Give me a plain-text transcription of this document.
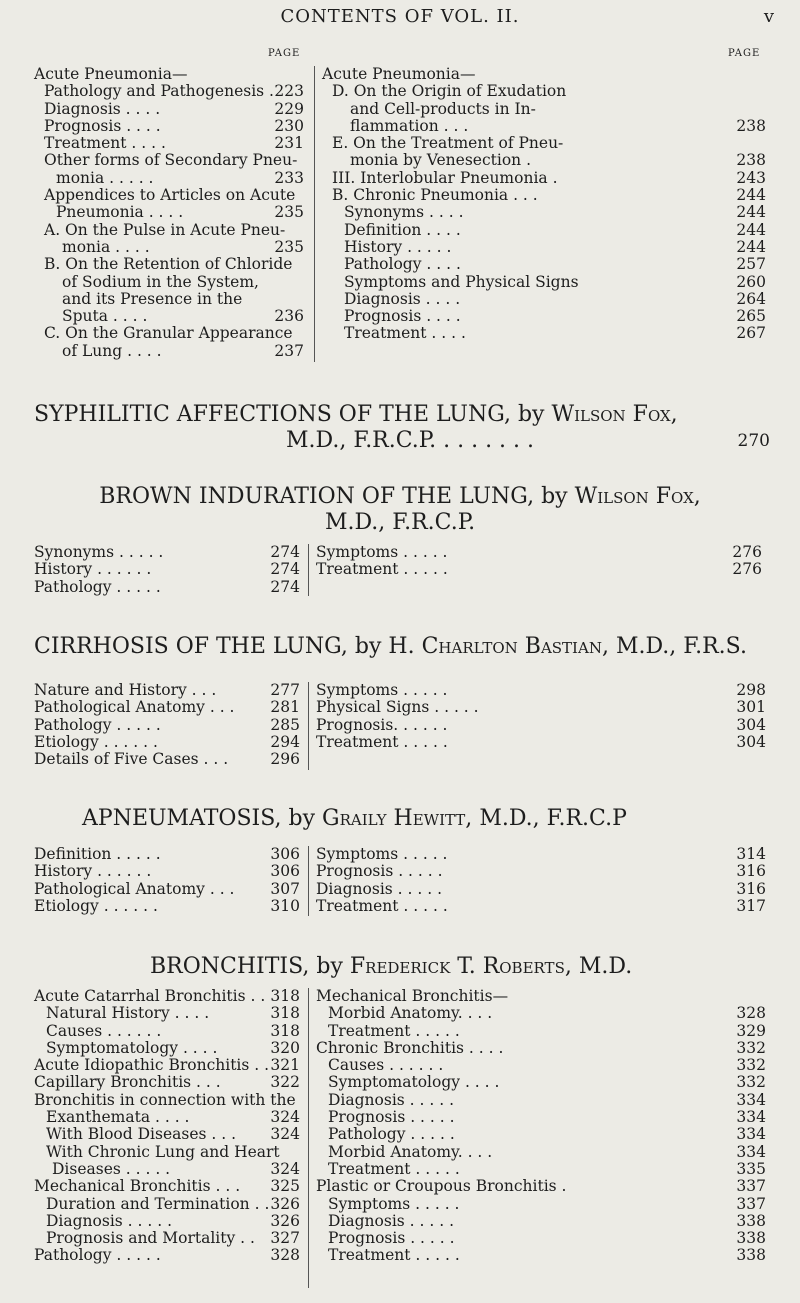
CONTENTS OF VOL. II.	v
PAGE	PAGE
Acute Pneumonia—
Pathology and Pathogenesis . 223
Diagnosis . . . .	229
Prognosis . . . .	230
Treatment . . . .	231
Other forms of Secondary Pneu-
monia . . . . .	233
Appendices to Articles on Acute
Pneumonia . . . .	235
A. On the Pulse in Acute Pneu-
monia . . . .	235
B. On the Retention of Chloride
of Sodium in the System,
and its Presence in the
Sputa . . . .	236
C. On the Granular Appearance
of Lung . . . .	237
Acute Pneumonia—
D. On the Origin of Exudation
and Cell-products in In-
flammation . . .	238
E. On the Treatment of Pneu-
monia by Venesection .	238
III. Interlobular Pneumonia .	243
B. Chronic Pneumonia . . .	244
Synonyms . . . .	244
Definition . . . .	244
History . . . . .	244
Pathology . . . .	257
Symptoms and Physical Signs	260
Diagnosis . . . .	264
Prognosis . . . .	265
Treatment . . . .	267
SYPHILITIC AFFECTIONS OF THE LUNG, by Wilson Fox,
M.D., F.R.C.P. . . . . . . .	270
BROWN INDURATION OF THE LUNG, by Wilson Fox,
M.D., F.R.C.P.
Synonyms . . . . .	274
History . . . . . .	274
Pathology . . . . .	274
Symptoms . . . . .	276
Treatment . . . . .	276
CIRRHOSIS OF THE LUNG, by H. Charlton Bastian, M.D., F.R.S.
Nature and History . . .	277
Pathological Anatomy . . . 281
Pathology . . . . .	285
Etiology . . . . . .	294
Details of Five Cases . . .	296
Symptoms . . . . .	298
Physical Signs . . . . .	301
Prognosis. . . . . .	304
Treatment . . . . .	304
APNEUMATOSIS, by Graily Hewitt, M.D., F.R.C.P
Definition . . . . .	306
History . . . . . .	306
Pathological Anatomy . . . 307
Etiology . . . . . .	310
Symptoms . . . . .	314
Prognosis . . . . .	316
Diagnosis . . . . .	316
Treatment . . . . .	317
BRONCHITIS, by Frederick T. Roberts, M.D.
Acute Catarrhal Bronchitis . . 318
Natural History . . . .	318
Causes . . . . . .	318
Symptomatology . . . .	320
Acute Idiopathic Bronchitis . . 321
Capillary Bronchitis . . .	322
Bronchitis in connection with the
Exanthemata . . . .	324
With Blood Diseases . . . 324
With Chronic Lung and Heart
Diseases . . . . .	324
Mechanical Bronchitis . . . 325
Duration and Termination . . 326
Diagnosis . . . . .	326
Prognosis and Mortality . . 327
Pathology . . . . .	328
Mechanical Bronchitis—
Morbid Anatomy. . . .	328
Treatment . . . . .	329
Chronic Bronchitis . . . .	332
Causes . . . . . .	332
Symptomatology . . . .	332
Diagnosis . . . . .	334
Prognosis . . . . .	334
Pathology . . . . .	334
Morbid Anatomy. . . .	334
Treatment . . . . .	335
Plastic or Croupous Bronchitis .	337
Symptoms . . . . .	337
Diagnosis . . . . .	338
Prognosis . . . . .	338
Treatment . . . . .	338
